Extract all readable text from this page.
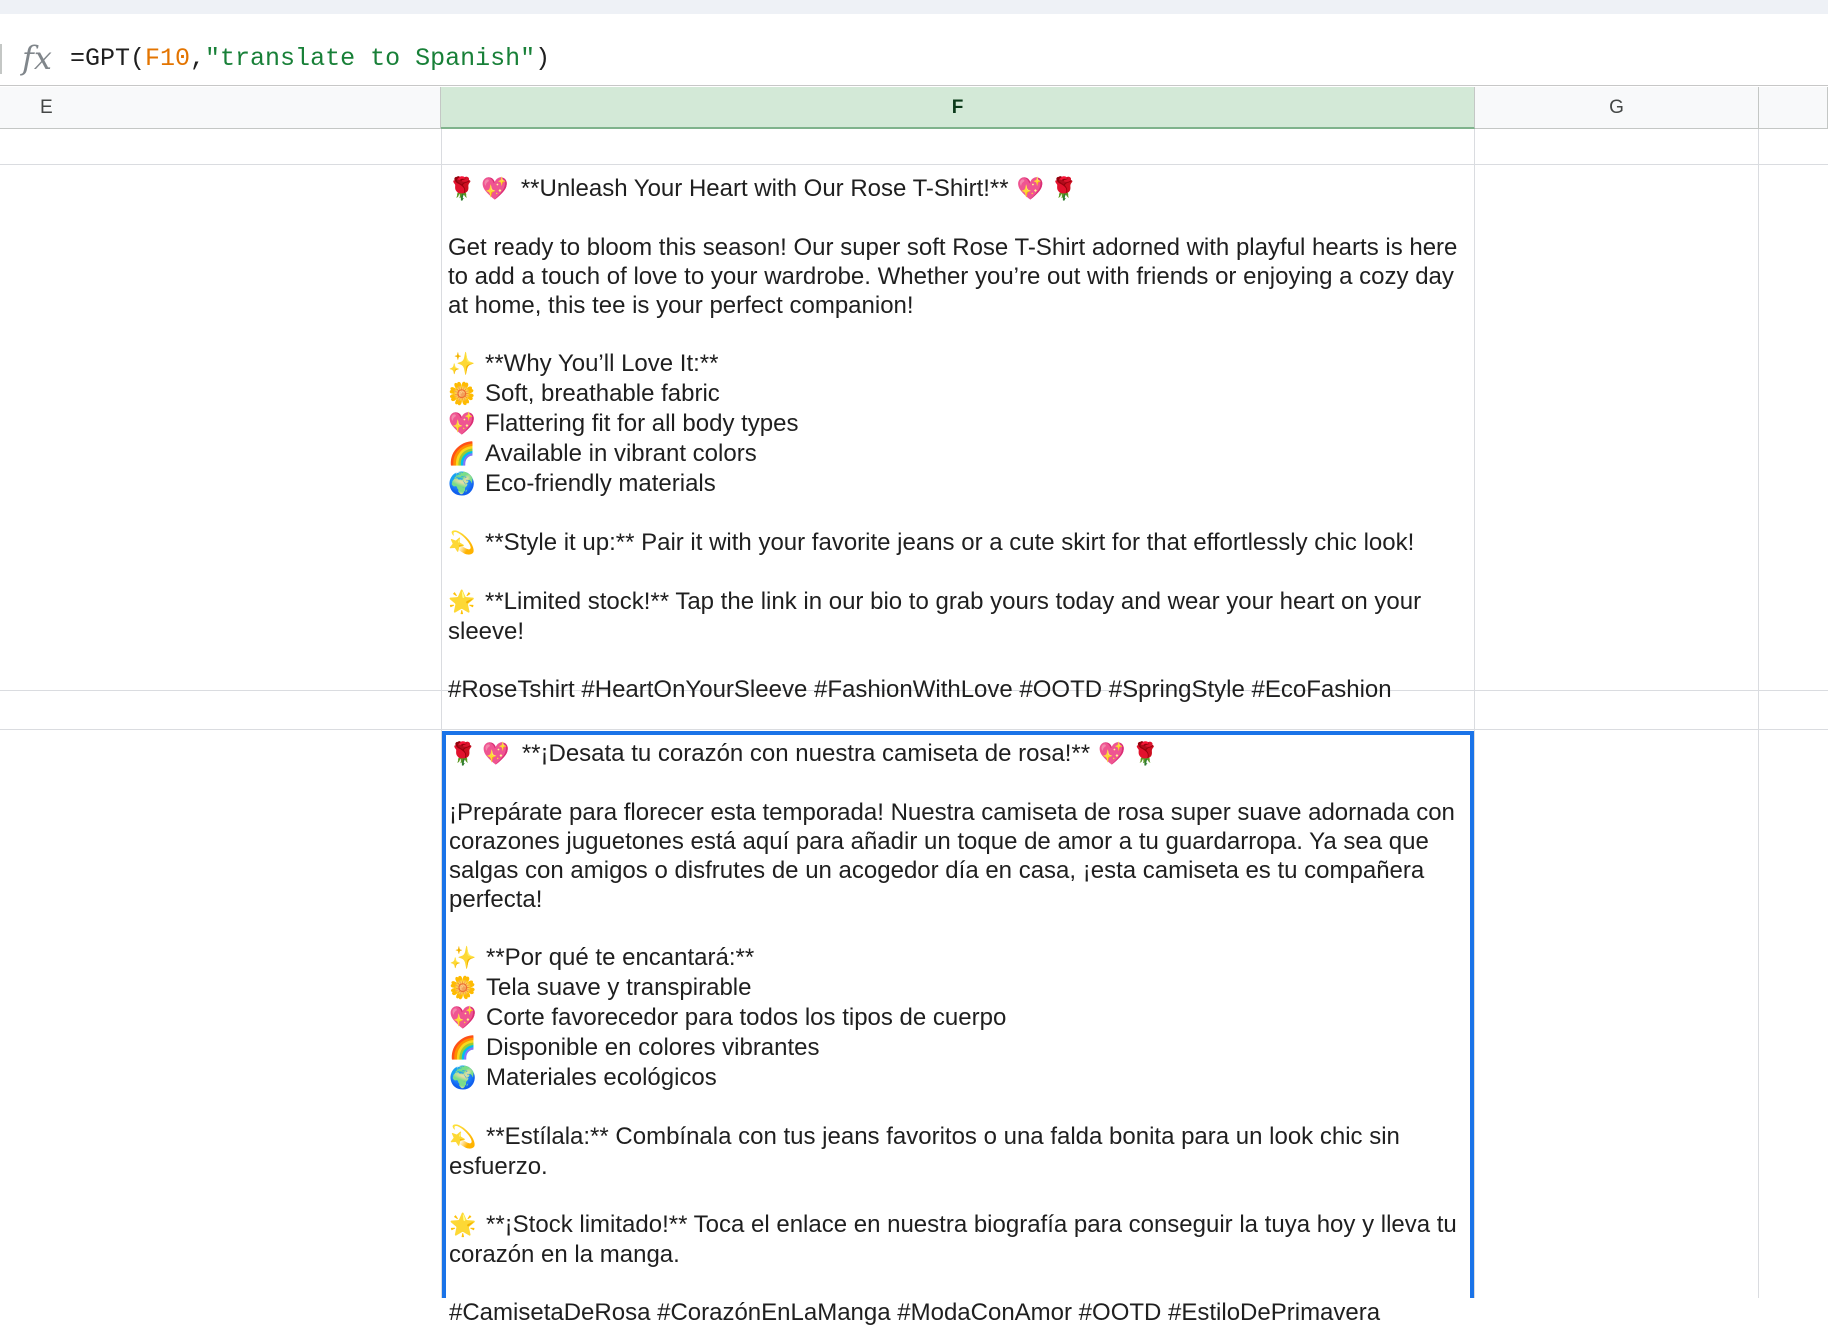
fx =GPT(F10,"translate to Spanish")
E	F	G
🌹 💖 **Unleash Your Heart with Our Rose T-Shirt!** 💖 🌹

Get ready to bloom this season! Our super soft Rose T-Shirt adorned with playful hearts is here to add a touch of love to your wardrobe. Whether you’re out with friends or enjoying a cozy day at home, this tee is your perfect companion!

✨ **Why You’ll Love It:**
🌼 Soft, breathable fabric
💖 Flattering fit for all body types
🌈 Available in vibrant colors
🌍 Eco-friendly materials
💫 **Style it up:** Pair it with your favorite jeans or a cute skirt for that effortlessly chic look!

🌟 **Limited stock!** Tap the link in our bio to grab yours today and wear your heart on your sleeve!

#RoseTshirt #HeartOnYourSleeve #FashionWithLove #OOTD #SpringStyle #EcoFashion

🌹 💖 **¡Desata tu corazón con nuestra camiseta de rosa!** 💖 🌹

¡Prepárate para florecer esta temporada! Nuestra camiseta de rosa super suave adornada con corazones juguetones está aquí para añadir un toque de amor a tu guardarropa. Ya sea que salgas con amigos o disfrutes de un acogedor día en casa, ¡esta camiseta es tu compañera perfecta!

✨ **Por qué te encantará:**
🌼 Tela suave y transpirable
💖 Corte favorecedor para todos los tipos de cuerpo
🌈 Disponible en colores vibrantes
🌍 Materiales ecológicos

💫 **Estílala:** Combínala con tus jeans favoritos o una falda bonita para un look chic sin esfuerzo.

🌟 **¡Stock limitado!** Toca el enlace en nuestra biografía para conseguir la tuya hoy y lleva tu corazón en la manga.

#CamisetaDeRosa #CorazónEnLaManga #ModaConAmor #OOTD #EstiloDePrimavera
